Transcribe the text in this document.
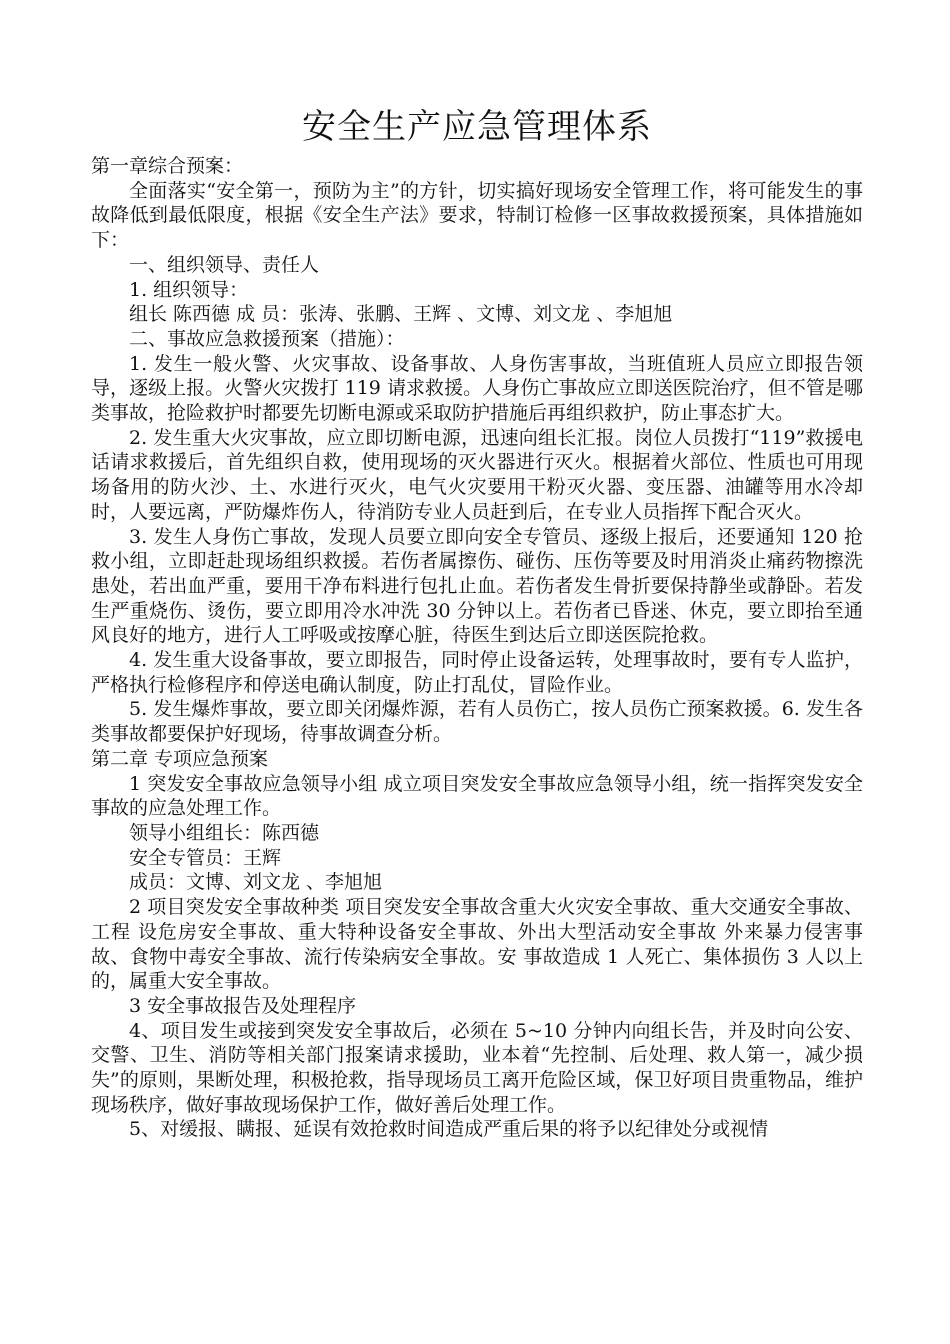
安全生产应急管理体系

第一章综合预案：

全面落实“安全第一，预防为主”的方针，切实搞好现场安全管理工作，将可能发生的事故降低到最低限度，根据《安全生产法》要求，特制订检修一区事故救援预案，具体措施如下：

一、组织领导、责任人

1. 组织领导：

组长 陈西德 成 员：张涛、张鹏、王辉 、文博、刘文龙 、李旭旭

二、事故应急救援预案（措施）：

1. 发生一般火警、火灾事故、设备事故、人身伤害事故，当班值班人员应立即报告领导，逐级上报。火警火灾拨打 119 请求救援。人身伤亡事故应立即送医院治疗，但不管是哪类事故，抢险救护时都要先切断电源或采取防护措施后再组织救护，防止事态扩大。

2. 发生重大火灾事故，应立即切断电源，迅速向组长汇报。岗位人员拨打“119”救援电话请求救援后，首先组织自救，使用现场的灭火器进行灭火。根据着火部位、性质也可用现场备用的防火沙、土、水进行灭火，电气火灾要用干粉灭火器、变压器、油罐等用水冷却时，人要远离，严防爆炸伤人，待消防专业人员赶到后，在专业人员指挥下配合灭火。

3. 发生人身伤亡事故，发现人员要立即向安全专管员、逐级上报后，还要通知 120 抢救小组，立即赶赴现场组织救援。若伤者属擦伤、碰伤、压伤等要及时用消炎止痛药物擦洗患处，若出血严重，要用干净布料进行包扎止血。若伤者发生骨折要保持静坐或静卧。若发生严重烧伤、烫伤，要立即用冷水冲洗 30 分钟以上。若伤者已昏迷、休克，要立即抬至通风良好的地方，进行人工呼吸或按摩心脏，待医生到达后立即送医院抢救。

4. 发生重大设备事故，要立即报告，同时停止设备运转，处理事故时，要有专人监护，严格执行检修程序和停送电确认制度，防止打乱仗，冒险作业。

5. 发生爆炸事故，要立即关闭爆炸源，若有人员伤亡，按人员伤亡预案救援。6. 发生各类事故都要保护好现场，待事故调查分析。

第二章 专项应急预案

1 突发安全事故应急领导小组 成立项目突发安全事故应急领导小组，统一指挥突发安全事故的应急处理工作。

领导小组组长：陈西德

安全专管员：王辉

成员：文博、刘文龙 、李旭旭

2 项目突发安全事故种类 项目突发安全事故含重大火灾安全事故、重大交通安全事故、工程 设危房安全事故、重大特种设备安全事故、外出大型活动安全事故 外来暴力侵害事故、食物中毒安全事故、流行传染病安全事故。安 事故造成 1 人死亡、集体损伤 3 人以上的，属重大安全事故。

3 安全事故报告及处理程序

4、项目发生或接到突发安全事故后，必须在 5~10 分钟内向组长告，并及时向公安、交警、卫生、消防等相关部门报案请求援助，业本着“先控制、后处理、救人第一，减少损失”的原则，果断处理，积极抢救，指导现场员工离开危险区域，保卫好项目贵重物品，维护现场秩序，做好事故现场保护工作，做好善后处理工作。

5、对缓报、瞒报、延误有效抢救时间造成严重后果的将予以纪律处分或视情
